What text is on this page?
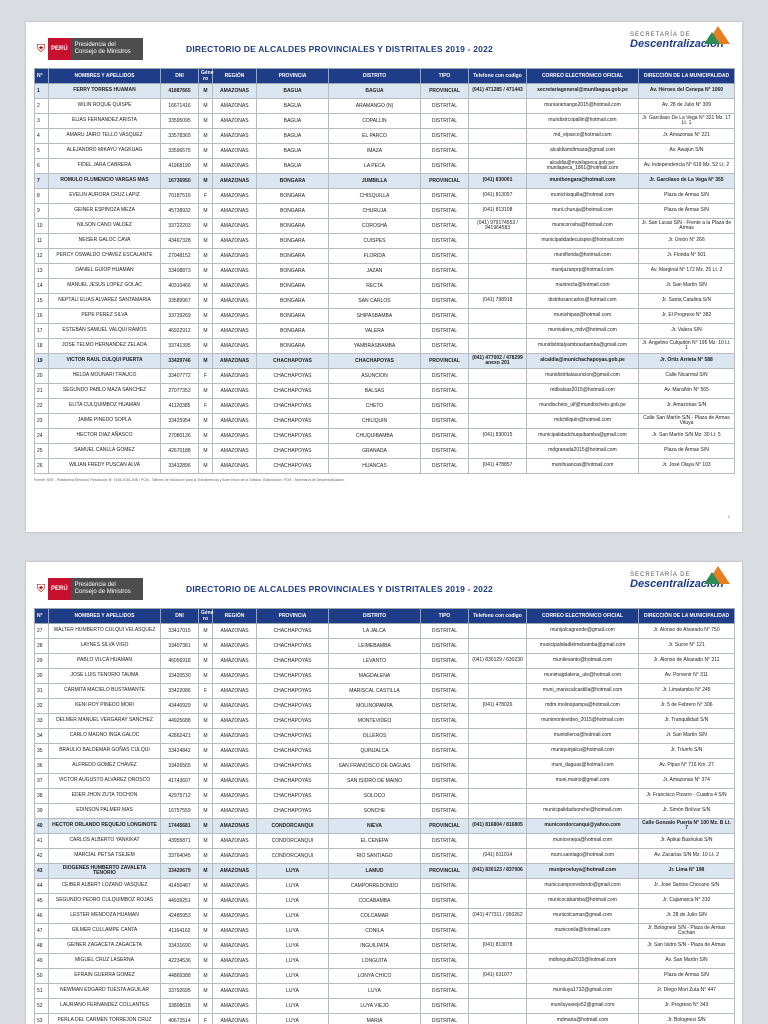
⛨ PERÚ
Presidencia del Consejo de Ministros	DIRECTORIO DE ALCALDES PROVINCIALES Y DISTRITALES 2019 - 2022
SECRETARÍA DE
Descentralización
N°	NOMBRES Y APELLIDOS	DNI	Géne ro	REGIÓN	PROVINCIA	DISTRITO	TIPO	Telefono con codigo	CORREO ELECTRÓNICO OFICIAL	DIRECCIÓN DE LA MUNICIPALIDAD
1	FERRY TORRES HUAMAN	41887665	M	AMAZONAS	BAGUA	BAGUA	PROVINCIAL	(041) 471285 / 471443	secretariageneral@munibagua.gob.pe	Av. Héroes del Cenepa N° 1060
2	WILIN ROQUE QUISPE	16671416	M	AMAZONAS	BAGUA	ARAMANGO (N)	DISTRITAL		muniaramango2015@hotmail.com	Av. 28 de Julio N° 309
3	ELIAS FERNANDEZ ARISTA	33595095	M	AMAZONAS	BAGUA	COPALLIN	DISTRITAL		mundistrcopallin@hotmail.com	Jr. Garcilaso De La Vega N° 321 Mz. 17 Lt. 1
4	AMARU JAIRO TELLO VASQUEZ	33578365	M	AMAZONAS	BAGUA	EL PARCO	DISTRITAL		md_elparco@hotmail.com	Jr. Amazonas N° 221
5	ALEJANDRO MIKAYU YAGKUAG	33596575	M	AMAZONAS	BAGUA	IMAZA	DISTRITAL		alcaldiamdimaza@gmail.com	Av. Awajún S/N
6	FIDEL JARA CABRERA	41968190	M	AMAZONAS	BAGUA	LA PECA	DISTRITAL		alcaldia@munilapeca.gob.pe; munilapeca_1861@hotmail.com	Av. Independencia N° 619 Mz. 52 Lt. 2
7	ROMULO FLUMENCIO VARGAS MAS	16736950	M	AMAZONAS	BONGARA	JUMBILLA	PROVINCIAL	(041) 830001	munibongara@hotmail.com	Jr. Garcilaso de La Vega N° 355
8	EVELIN AURORA CRUZ LAPIZ	70187516	F	AMAZONAS	BONGARA	CHISQUILLA	DISTRITAL	(041) 813057	munichisquilla@hotmail.com	Plaza de Armas S/N
9	GEINER ESPINOZA MEZA	45738932	M	AMAZONAS	BONGARA	CHURUJA	DISTRITAL	(041) 813108	muni.churuja@hotmail.com	Plaza de Armas S/N
10	NILSON CANO VALDEZ	33722203	M	AMAZONAS	BONGARA	COROSHA	DISTRITAL	(041) 979174553 / 941964583	municorosha@hotmail.com	Jr. San Lucas S/N - Frente a la Plaza de Armas
11	NEISER GALOC CAVA	43467328	M	AMAZONAS	BONGARA	CUISPES	DISTRITAL		municipalidadecuispes@hotmail.com	Jr. Unión N° 266
12	PERCY OSWALDO CHAVEZ ESCALANTE	27048152	M	AMAZONAS	BONGARA	FLORIDA	DISTRITAL		muniflorida@hotmail.com	Jr. Florida N° 501
13	DANIEL GUIOP HUAMAN	33408873	M	AMAZONAS	BONGARA	JAZAN	DISTRITAL		munijazanprp@hotmail.com	Av. Marginal N° 172 Mz. 25 Lt. 2
14	MANUEL JESUS LOPEZ GOLAC	40310466	M	AMAZONAS	BONGARA	RECTA	DISTRITAL		munirecta@hotmail.com	Jr. San Martín S/N
15	NEPTALI ELIAS ALVAREZ SANTAMARIA	33589967	M	AMAZONAS	BONGARA	SAN CARLOS	DISTRITAL	(041) 798918	distritosancarlos@hotmail.com	Jr. Santa Catalina S/N
16	PEPE PEREZ SILVA	33739269	M	AMAZONAS	BONGARA	SHIPASBAMBA	DISTRITAL		munishipas@hotmail.com	Jr. El Progreso N° 382
17	ESTEBAN SAMUEL VALQUI RAMOS	46922912	M	AMAZONAS	BONGARA	VALERA	DISTRITAL		munivalera_mdv@hotmail.com	Jr. Valera S/N
18	JOSE TELMO HERNANDEZ ZELADA	33741395	M	AMAZONAS	BONGARA	YAMBRASBAMBA	DISTRITAL		munidistritalyambrasbamba@gmail.com	Jr. Angelino Culquitón N° 195 Mz. 10 Lt. 1
19	VICTOR RAUL CULQUI PUERTA	33429746	M	AMAZONAS	CHACHAPOYAS	CHACHAPOYAS	PROVINCIAL	(041) 477002 / 478299 anexo 201	alcaldia@munichachapoyas.gob.pe	Jr. Ortiz Arrieta N° 588
20	HELDA MOUNARI TRAUCO	33407772	F	AMAZONAS	CHACHAPOYAS	ASUNCION	DISTRITAL		munidistritalasuncion@gmail.com	Calle Nicarmal S/N
21	SEGUNDO PABLO MAZA SANCHEZ	27077353	M	AMAZONAS	CHACHAPOYAS	BALSAS	DISTRITAL		mdbalsas2015@hotmail.com	Av. Marañón N° 565
22	ELITA CULQUIMBOZ HUAMAN	41120385	F	AMAZONAS	CHACHAPOYAS	CHETO	DISTRITAL		mundischeto_ulf@mundischeto.gob.pe	Jr. Amazonas S/N
23	JAIME PINEDO SOPLA	33425954	M	AMAZONAS	CHACHAPOYAS	CHILIQUIN	DISTRITAL		mdchiliquin@hotmail.com	Calle San Martín S/N - Plaza de Armas Vituya
24	HECTOR DIAZ AÑASCO	27080136	M	AMAZONAS	CHACHAPOYAS	CHUQUIBAMBA	DISTRITAL	(041) 830015	municipalidadchuquibamba@gmail.com	Jr. San Martín S/N Mz. 30 Lt. 5
25	SAMUEL CANLLA GOMEZ	42670188	M	AMAZONAS	CHACHAPOYAS	GRANADA	DISTRITAL		mdgranada2015@hotmail.com	Plaza de Armas S/N
26	WILIAN FREDY PUSCAN ALVA	33432896	M	AMAZONAS	CHACHAPOYAS	HUANCAS	DISTRITAL	(041) 478857	munihuancas@hotmail.com	Jr. José Olaya N° 103
Fuente: SSE - Plataforma Electoral, Resolución N° 1935-2018-JNE / PCM - Talleres de Inducción para la Transferencia y Buen Inicio de la Gestión. Elaboración: PCM - Secretaría de Descentralización.
1
⛨ PERÚ
Presidencia del Consejo de Ministros	DIRECTORIO DE ALCALDES PROVINCIALES Y DISTRITALES 2019 - 2022
SECRETARÍA DE
Descentralización
N°	NOMBRES Y APELLIDOS	DNI	Géne ro	REGIÓN	PROVINCIA	DISTRITO	TIPO	Telefono con codigo	CORREO ELECTRÓNICO OFICIAL	DIRECCIÓN DE LA MUNICIPALIDAD
27	WALTER HUMBERTO CULQUI VELASQUEZ	33417015	M	AMAZONAS	CHACHAPOYAS	LA JALCA	DISTRITAL		munijalcagrande@gmail.com	Jr. Alonso de Alvarado N° 750
28	LAYNES SILVA VIGO	33407381	M	AMAZONAS	CHACHAPOYAS	LEIMEBAMBA	DISTRITAL		municipalidadleimebamba@gmail.com	Jr. Sucre N° 121
29	PABLO VILCA HUAMAN	46056918	M	AMAZONAS	CHACHAPOYAS	LEVANTO	DISTRITAL	(041) 830129 / 630230	munilevanto@hotmail.com	Jr. Alonso de Alvarado N° 211
30	JOSE LUIS TENORIO TAUMA	33420530	M	AMAZONAS	CHACHAPOYAS	MAGDALENA	DISTRITAL		munimagdalena_ule@hotmail.com	Av. Porvenir N° 311
31	CARMITA MACIELO BUSTAMANTE	33422086	F	AMAZONAS	CHACHAPOYAS	MARISCAL CASTILLA	DISTRITAL		muni_mariscalcastilla@hotmail.com	Jr. Limatambo N° 245
32	KENI ROY PINEDO MORI	43440929	M	AMAZONAS	CHACHAPOYAS	MOLINOPAMPA	DISTRITAL	(041) 478026	mdm.molinopampa@hotmail.com	Jr. 5 de Febrero N° 306
33	DELMER MANUEL VERGARAY SANCHEZ	44925688	M	AMAZONAS	CHACHAPOYAS	MONTEVIDEO	DISTRITAL		munimontevideo_2015@hotmail.com	Jr. Tranquilidad S/N
34	CARLO MAGNO INGA GALOC	42862421	M	AMAZONAS	CHACHAPOYAS	OLLEROS	DISTRITAL		muniolleros@hotmail.com	Jr. San Martín S/N
35	BRAULIO BALDEMAR GOÑAS CULQUI	33424842	M	AMAZONAS	CHACHAPOYAS	QUINJALCA	DISTRITAL		muniquinjalca@hotmail.com	Jr. Triunfo S/N
36	ALFREDO GOMEZ CHAVEZ	33426565	M	AMAZONAS	CHACHAPOYAS	SAN FRANCISCO DE DAGUAS	DISTRITAL		muni_daguas@hotmail.com	Av. Pipus N° 716 Km. 27
37	VICTOR AUGUSTO ALVAREZ OROSCO	41743607	M	AMAZONAS	CHACHAPOYAS	SAN ISIDRO DE MAINO	DISTRITAL		muni.maino@gmail.com	Jr. Amazonas N° 374
38	EDER JHON ZUTA TOCHON	42975712	M	AMAZONAS	CHACHAPOYAS	SOLOCO	DISTRITAL			Jr. Francisco Pizarro - Cuadra 4 S/N
39	EDINSON PALMER MAS	16757559	M	AMAZONAS	CHACHAPOYAS	SONCHE	DISTRITAL		municipalidadsonche@hotmail.com	Jr. Simón Bolívar S/N
40	HECTOR ORLANDO REQUEJO LONGINOTE	17445681	M	AMAZONAS	CONDORCANQUI	NIEVA	PROVINCIAL	(041) 816804 / 816805	municondorcanqui@yahoo.com	Calle Gonzalo Puerta N° 100 Mz. B Lt. 7
41	CARLOS ALBERTO YANKIKAT	43955871	M	AMAZONAS	CONDORCANQUI	EL CENEPA	DISTRITAL		municenepa@hotmail.com	Jr. Apikai Bashukat S/N
42	MARCIAL PETSA TSEJEM	33764045	M	AMAZONAS	CONDORCANQUI	RIO SANTIAGO	DISTRITAL	(041) 811014	muni.santiago@hotmail.com	Av. Zacarías S/N Mz. 10 Lt. 2
43	DIOGENES HUMBERTO ZAVALETA TENORIO	33420679	M	AMAZONAS	LUYA	LAMUD	PROVINCIAL	(041) 830123 / 837006	muniprovluya@hotmail.com	Jr. Lima N° 198
44	CEIBER ALBERT LOZANO VASQUEZ	41450487	M	AMAZONAS	LUYA	CAMPORREDONDO	DISTRITAL		municcamporredondo@gmail.com	Jr. José Santos Chocano S/N
45	SEGUNDO PEDRO CULQUIMBOZ ROJAS	44939251	M	AMAZONAS	LUYA	COCABAMBA	DISTRITAL		municocabamba@hotmail.com	Jr. Cajamarca N° 310
46	LESTER MENDOZA HUAMAN	42485953	M	AMAZONAS	LUYA	COLCAMAR	DISTRITAL	(041) 477311 / 950262	municolcamar@gmail.com	Jr. 28 de Julio S/N
47	GILMER CULLAMPE CANTA	41164162	M	AMAZONAS	LUYA	CONILA	DISTRITAL		municonila@hotmail.com	Jr. Bolognesi S/N - Plaza de Armas Cochan
48	GEINER ZAGACETA ZAGACETA	33431690	M	AMAZONAS	LUYA	INGUILPATA	DISTRITAL	(041) 813078		Jr. San Isidro S/N - Plaza de Armas
49	MIGUEL CRUZ LASERNA	42234536	M	AMAZONAS	LUYA	LONGUITA	DISTRITAL		mdlonguita2015@hotmail.com	Av. San Martín S/N
50	EFRAIN GUERRA GOMEZ	44869388	M	AMAZONAS	LUYA	LONYA CHICO	DISTRITAL	(041) 631077		Plaza de Armas S/N
51	NEWMAN EDGARD TUESTA AGUILAR	33792695	M	AMAZONAS	LUYA	LUYA	DISTRITAL		muniluya1732@gmail.com	Jr. Diego Mori Zuta N° 447
52	LAURIANO FERNANDEZ COLLANTES	33808618	M	AMAZONAS	LUYA	LUYA VIEJO	DISTRITAL		muniluyaviejo52@gmail.com	Jr. Progreso N° 343
53	PERLA DEL CARMEN TORREJON CRUZ	40672514	F	AMAZONAS	LUYA	MARIA	DISTRITAL		mdmaria@hotmail.com	Jr. Bolognesi S/N
